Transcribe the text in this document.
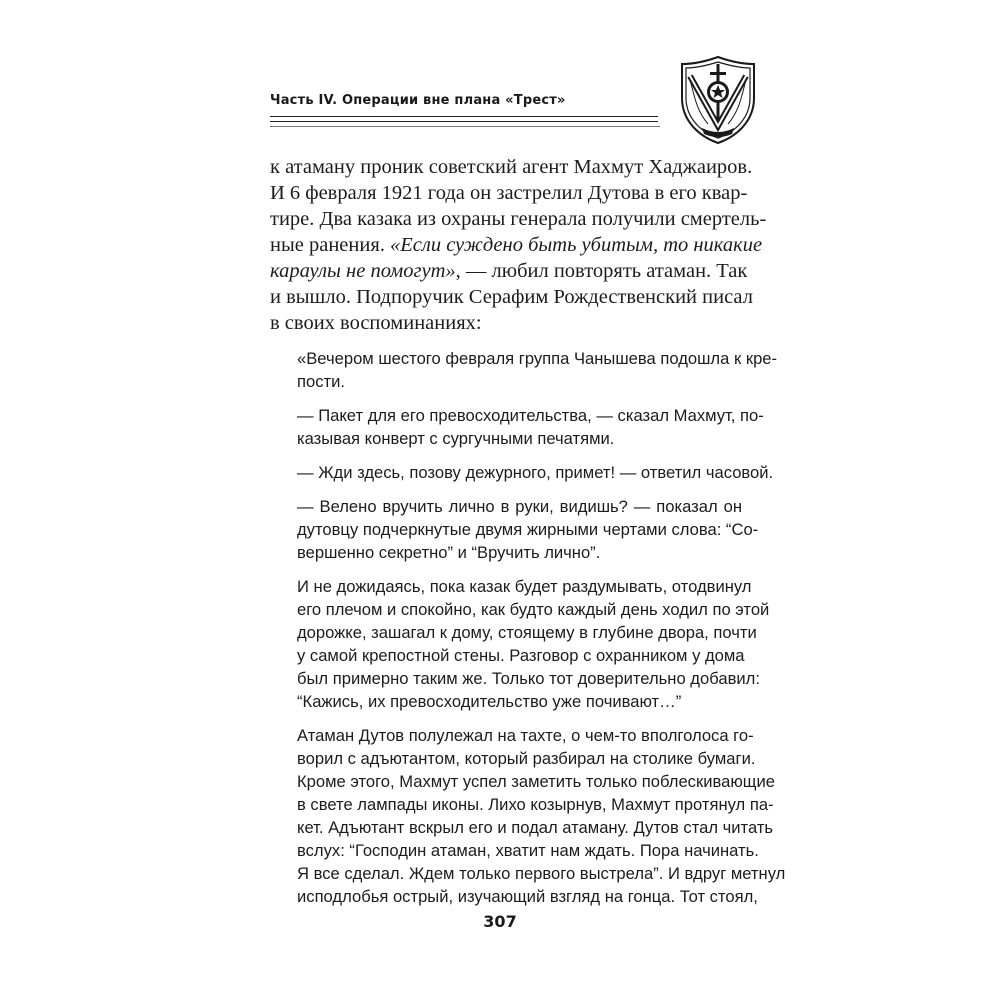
Часть IV. Операции вне плана «Трест»

к атаману проник советский агент Махмут Хаджаиров.
И 6 февраля 1921 года он застрелил Дутова в его квар-
тире. Два казака из охраны генерала получили смертель-
ные ранения. «Если суждено быть убитым, то никакие
караулы не помогут», — любил повторять атаман. Так
и вышло. Подпоручик Серафим Рождественский писал
в своих воспоминаниях:

«Вечером шестого февраля группа Чанышева подошла к кре-
пости.

— Пакет для его превосходительства, — сказал Махмут, по-
казывая конверт с сургучными печатями.

— Жди здесь, позову дежурного, примет! — ответил часовой.

— Велено вручить лично в руки, видишь? — показал он
дутовцу подчеркнутые двумя жирными чертами слова: “Со-
вершенно секретно” и “Вручить лично”.

И не дожидаясь, пока казак будет раздумывать, отодвинул
его плечом и спокойно, как будто каждый день ходил по этой
дорожке, зашагал к дому, стоящему в глубине двора, почти
у самой крепостной стены. Разговор с охранником у дома
был примерно таким же. Только тот доверительно добавил:
“Кажись, их превосходительство уже почивают…”

Атаман Дутов полулежал на тахте, о чем-то вполголоса го-
ворил с адъютантом, который разбирал на столике бумаги.
Кроме этого, Махмут успел заметить только поблескивающие
в свете лампады иконы. Лихо козырнув, Махмут протянул па-
кет. Адъютант вскрыл его и подал атаману. Дутов стал читать
вслух: “Господин атаман, хватит нам ждать. Пора начинать.
Я все сделал. Ждем только первого выстрела”. И вдруг метнул
исподлобья острый, изучающий взгляд на гонца. Тот стоял,

307
